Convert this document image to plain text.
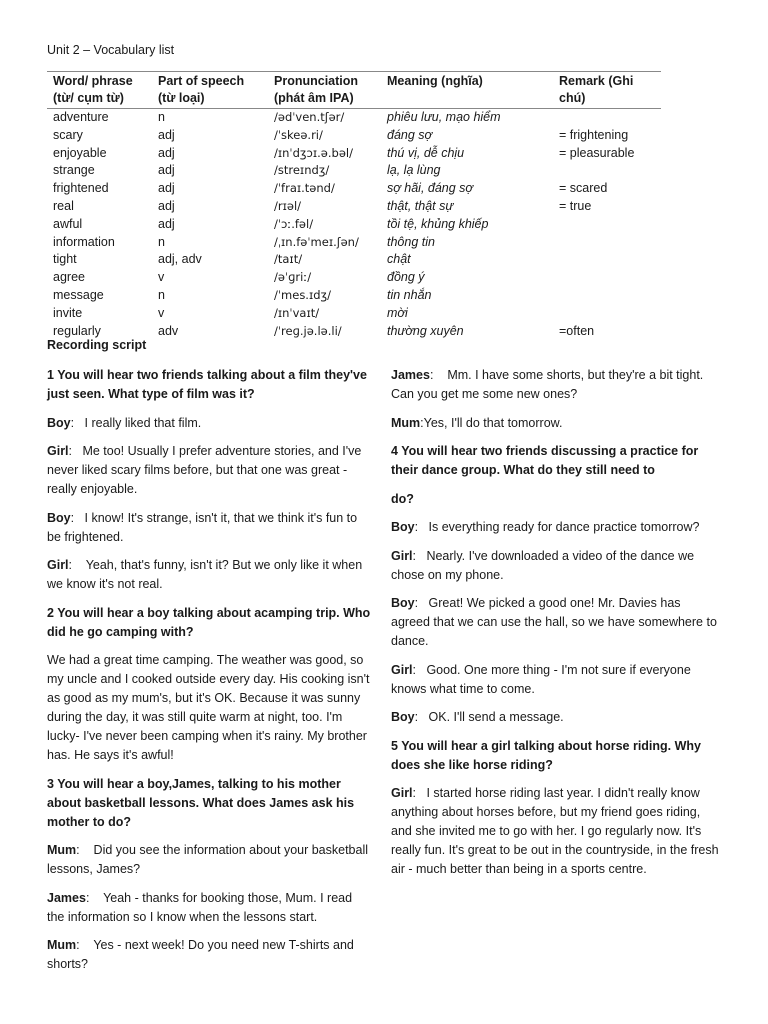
Unit 2 – Vocabulary list
Word/ phrase (từ/ cụm từ)	Part of speech (từ loại)	Pronunciation (phát âm IPA)	Meaning (nghĩa)	Remark (Ghi chú)
adventure	n	/ədˈven.tʃər/	phiêu lưu, mạo hiểm	
scary	adj	/ˈskeə.ri/	đáng sợ	= frightening
enjoyable	adj	/ɪnˈdʒɔɪ.ə.bəl/	thú vị, dễ chịu	= pleasurable
strange	adj	/streɪndʒ/	lạ, lạ lùng	
frightened	adj	/ˈfraɪ.tənd/	sợ hãi, đáng sợ	= scared
real	adj	/rɪəl/	thật, thật sự	= true
awful	adj	/ˈɔː.fəl/	tồi tệ, khủng khiếp	
information	n	/ˌɪn.fəˈmeɪ.ʃən/	thông tin	
tight	adj, adv	/taɪt/	chật	
agree	v	/əˈɡriː/	đồng ý	
message	n	/ˈmes.ɪdʒ/	tin nhắn	
invite	v	/ɪnˈvaɪt/	mời	
regularly	adv	/ˈreɡ.jə.lə.li/	thường xuyên	=often
Recording script

1 You will hear two friends talking about a film they've just seen. What type of film was it?

Boy:   I really liked that film.

Girl:   Me too! Usually I prefer adventure stories, and I've never liked scary films before, but that one was great - really enjoyable.

Boy:   I know! It's strange, isn't it, that we think it's fun to be frightened.

Girl:    Yeah, that's funny, isn't it? But we only like it when we know it's not real.

2 You will hear a boy talking about acamping trip. Who did he go camping with?

We had a great time camping. The weather was good, so my uncle and I cooked outside every day. His cooking isn't as good as my mum's, but it's OK. Because it was sunny during the day, it was still quite warm at night, too. I'm lucky- I've never been camping when it's rainy. My brother has. He says it's awful!

3 You will hear a boy,James, talking to his mother about basketball lessons. What does James ask his mother to do?

Mum:    Did you see the information about your basketball lessons, James?

James:    Yeah - thanks for booking those, Mum. I read the information so I know when the lessons start.

Mum:    Yes - next week! Do you need new T-shirts and shorts?

James:    Mm. I have some shorts, but they're a bit tight. Can you get me some new ones?

Mum:Yes, I'll do that tomorrow.

4 You will hear two friends discussing a practice for their dance group. What do they still need to

do?

Boy:   Is everything ready for dance practice tomorrow?

Girl:   Nearly. I've downloaded a video of the dance we chose on my phone.

Boy:   Great! We picked a good one! Mr. Davies has agreed that we can use the hall, so we have somewhere to dance.

Girl:   Good. One more thing - I'm not sure if everyone knows what time to come.

Boy:   OK. I'll send a message.

5 You will hear a girl talking about horse riding. Why does she like horse riding?

Girl:   I started horse riding last year. I didn't really know anything about horses before, but my friend goes riding, and she invited me to go with her. I go regularly now. It's really fun. It's great to be out in the countryside, in the fresh air - much better than being in a sports centre.
